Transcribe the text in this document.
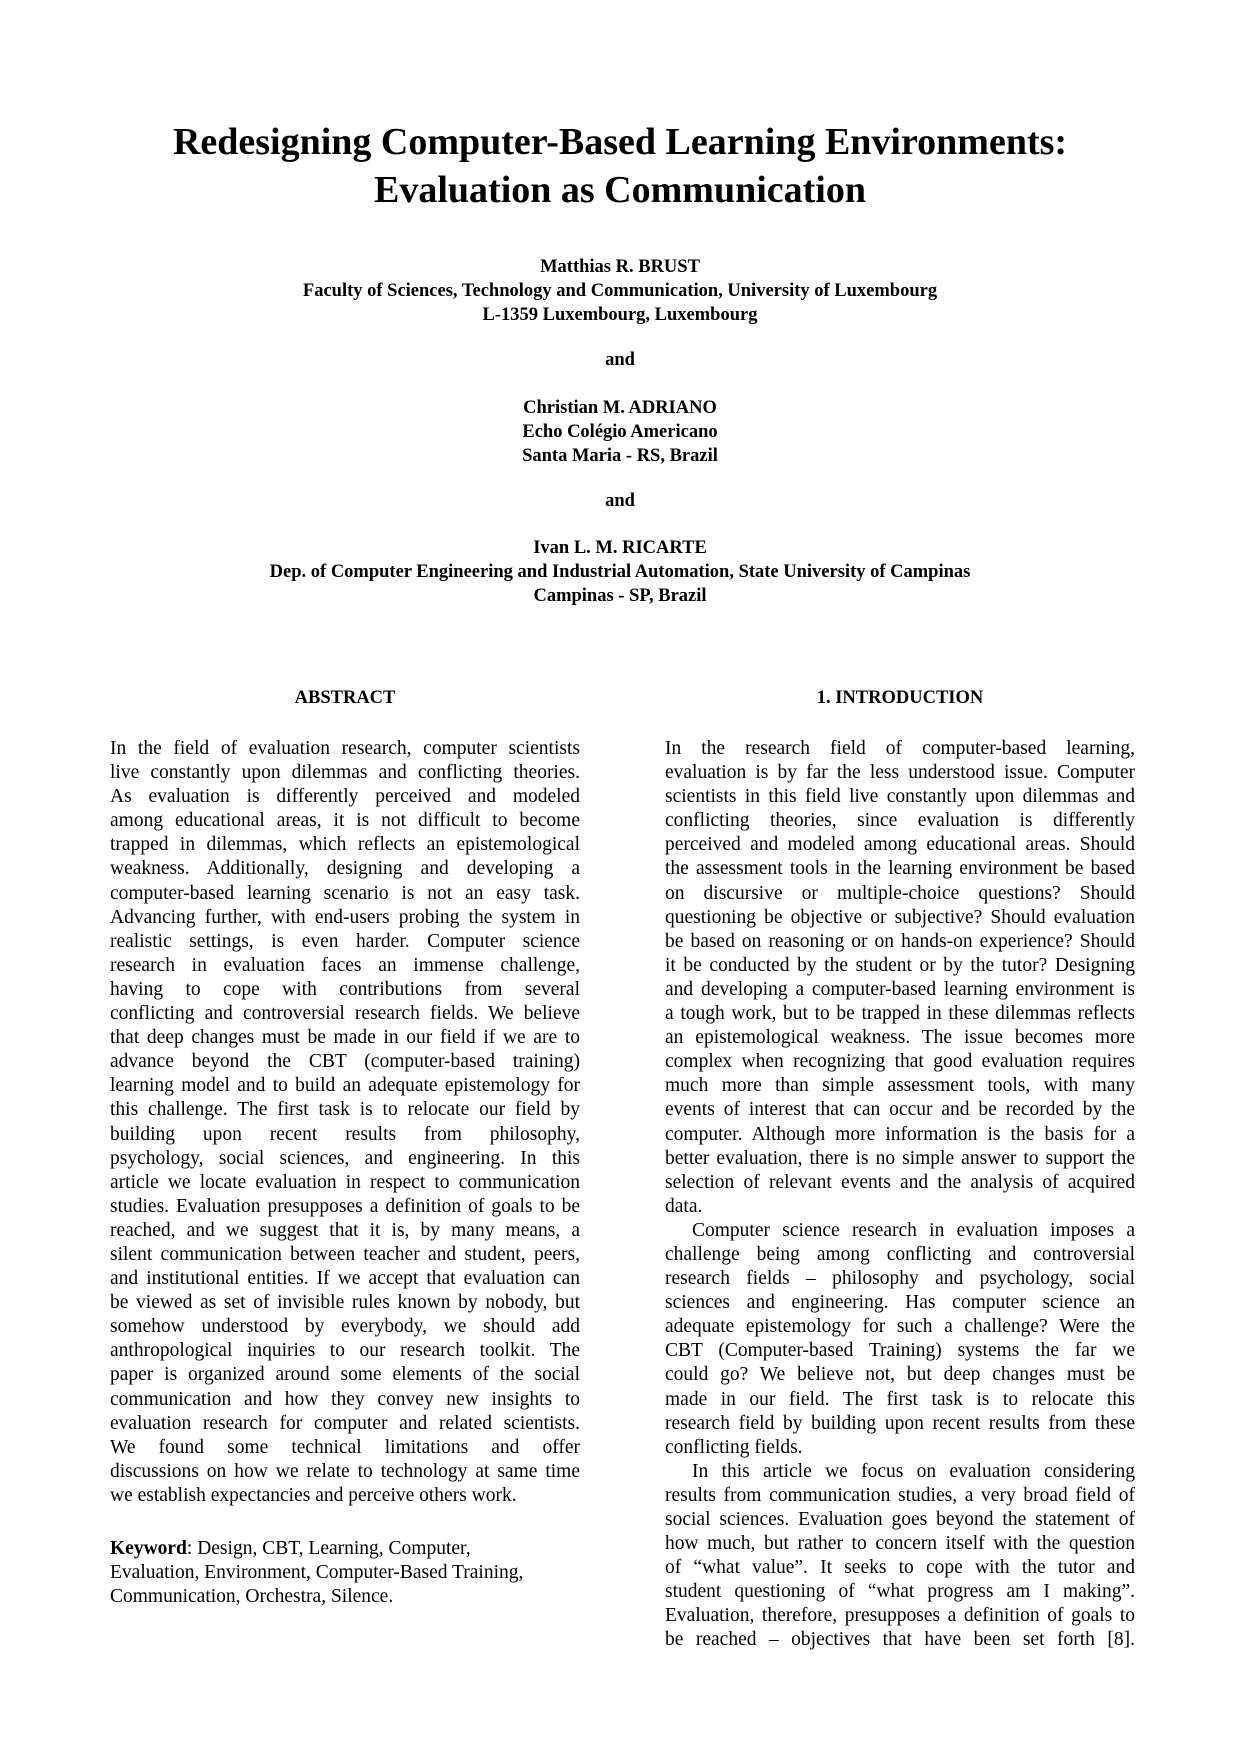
Redesigning Computer-Based Learning Environments:
Evaluation as Communication
Matthias R. BRUST
Faculty of Sciences, Technology and Communication, University of Luxembourg
L-1359 Luxembourg, Luxembourg
and
Christian M. ADRIANO
Echo Colégio Americano
Santa Maria - RS, Brazil
and
Ivan L. M. RICARTE
Dep. of Computer Engineering and Industrial Automation, State University of Campinas
Campinas - SP, Brazil
ABSTRACT	1. INTRODUCTION
In the field of evaluation research, computer scientists
live constantly upon dilemmas and conflicting theories.
As evaluation is differently perceived and modeled
among educational areas, it is not difficult to become
trapped in dilemmas, which reflects an epistemological
weakness. Additionally, designing and developing a
computer-based learning scenario is not an easy task.
Advancing further, with end-users probing the system in
realistic settings, is even harder. Computer science
research in evaluation faces an immense challenge,
having to cope with contributions from several
conflicting and controversial research fields. We believe
that deep changes must be made in our field if we are to
advance beyond the CBT (computer-based training)
learning model and to build an adequate epistemology for
this challenge. The first task is to relocate our field by
building upon recent results from philosophy,
psychology, social sciences, and engineering. In this
article we locate evaluation in respect to communication
studies. Evaluation presupposes a definition of goals to be
reached, and we suggest that it is, by many means, a
silent communication between teacher and student, peers,
and institutional entities. If we accept that evaluation can
be viewed as set of invisible rules known by nobody, but
somehow understood by everybody, we should add
anthropological inquiries to our research toolkit. The
paper is organized around some elements of the social
communication and how they convey new insights to
evaluation research for computer and related scientists.
We found some technical limitations and offer
discussions on how we relate to technology at same time
we establish expectancies and perceive others work.
In the research field of computer-based learning,
evaluation is by far the less understood issue. Computer
scientists in this field live constantly upon dilemmas and
conflicting theories, since evaluation is differently
perceived and modeled among educational areas. Should
the assessment tools in the learning environment be based
on discursive or multiple-choice questions? Should
questioning be objective or subjective? Should evaluation
be based on reasoning or on hands-on experience? Should
it be conducted by the student or by the tutor? Designing
and developing a computer-based learning environment is
a tough work, but to be trapped in these dilemmas reflects
an epistemological weakness. The issue becomes more
complex when recognizing that good evaluation requires
much more than simple assessment tools, with many
events of interest that can occur and be recorded by the
computer. Although more information is the basis for a
better evaluation, there is no simple answer to support the
selection of relevant events and the analysis of acquired
data.
Computer science research in evaluation imposes a
challenge being among conflicting and controversial
research fields – philosophy and psychology, social
sciences and engineering. Has computer science an
adequate epistemology for such a challenge? Were the
CBT (Computer-based Training) systems the far we
could go? We believe not, but deep changes must be
made in our field. The first task is to relocate this
research field by building upon recent results from these
conflicting fields.
In this article we focus on evaluation considering
results from communication studies, a very broad field of
social sciences. Evaluation goes beyond the statement of
how much, but rather to concern itself with the question
of “what value”. It seeks to cope with the tutor and
student questioning of “what progress am I making”.
Evaluation, therefore, presupposes a definition of goals to
be reached – objectives that have been set forth [8].
Keyword: Design, CBT, Learning, Computer,
Evaluation, Environment, Computer-Based Training,
Communication, Orchestra, Silence.
